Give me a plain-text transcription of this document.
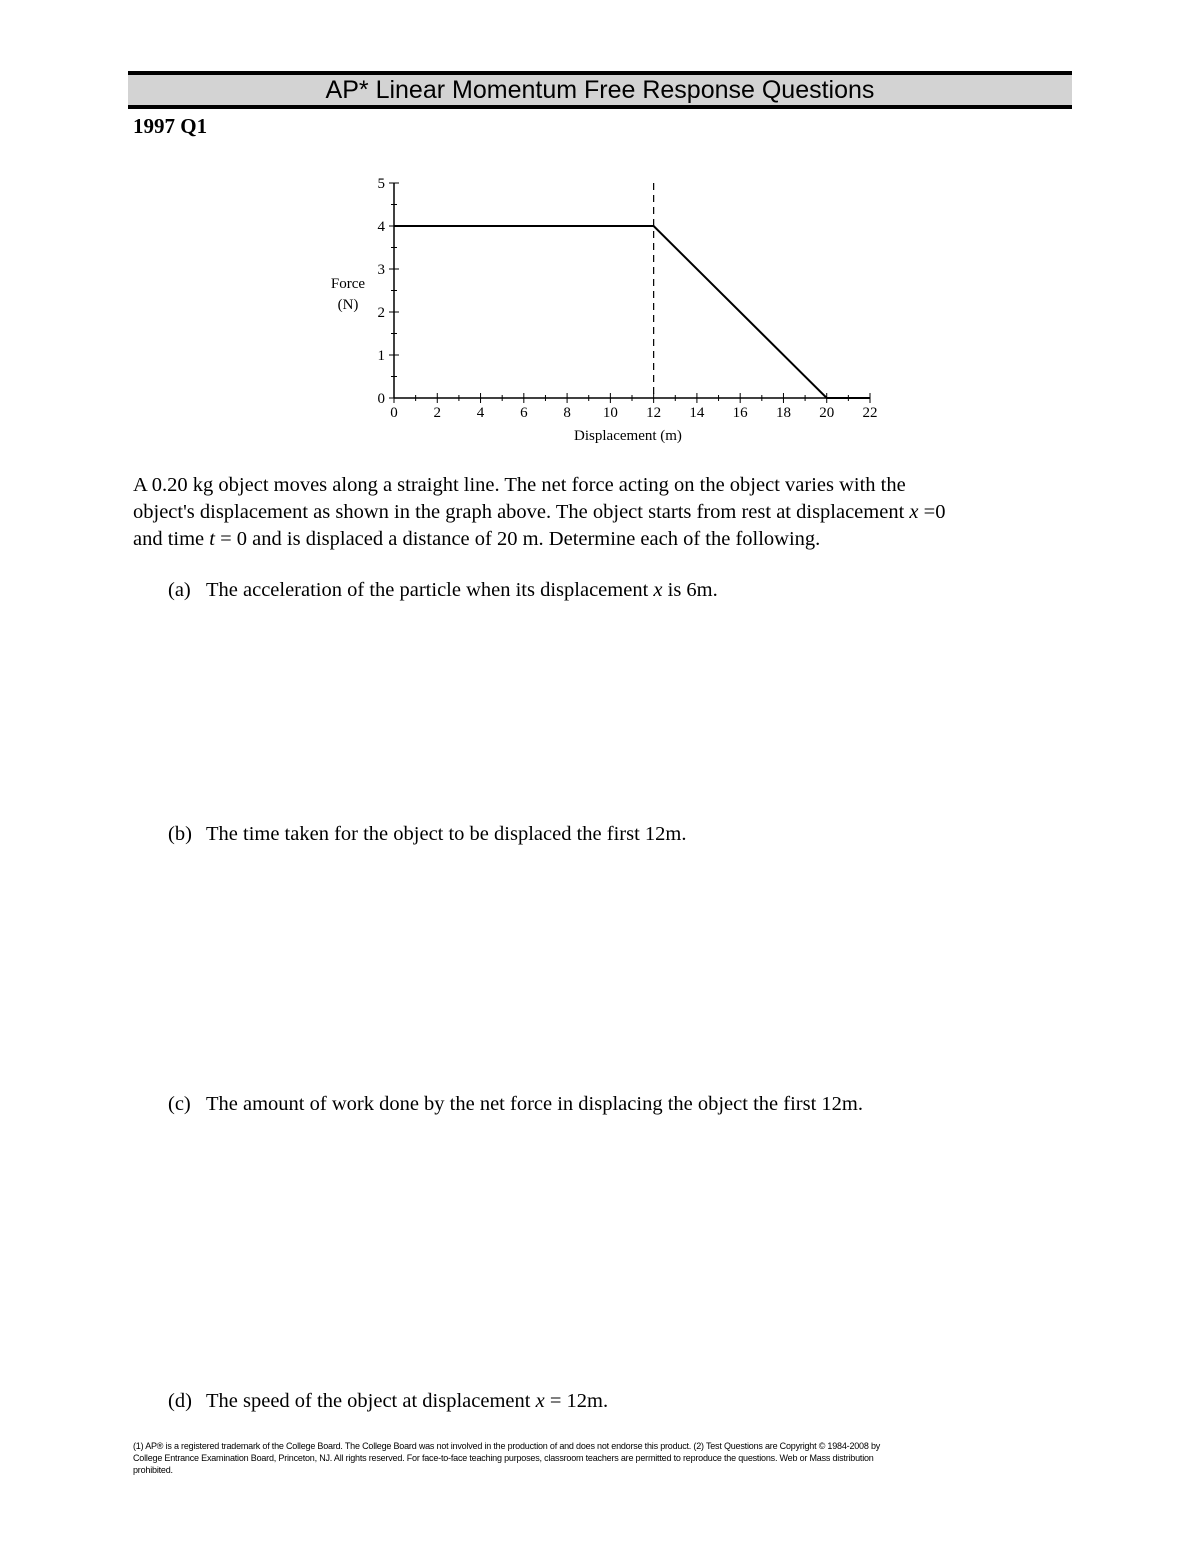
AP* Linear Momentum Free Response Questions
1997 Q1
0 2 4 6 8 10 12 14 16 18 20 22
0
1
2
3
4
5
Displacement (m)
Force
(N)
A 0.20 kg object moves along a straight line. The net force acting on the object varies with the
object's displacement as shown in the graph above. The object starts from rest at displacement x =0
and time t = 0 and is displaced a distance of 20 m. Determine each of the following.
(a) The acceleration of the particle when its displacement x is 6m.
(b) The time taken for the object to be displaced the first 12m.
(c) The amount of work done by the net force in displacing the object the first 12m.
(d) The speed of the object at displacement x = 12m.
(1) AP® is a registered trademark of the College Board. The College Board was not involved in the production of and does not endorse this product. (2) Test Questions are Copyright © 1984-2008 by
College Entrance Examination Board, Princeton, NJ. All rights reserved. For face-to-face teaching purposes, classroom teachers are permitted to reproduce the questions. Web or Mass distribution
prohibited.
